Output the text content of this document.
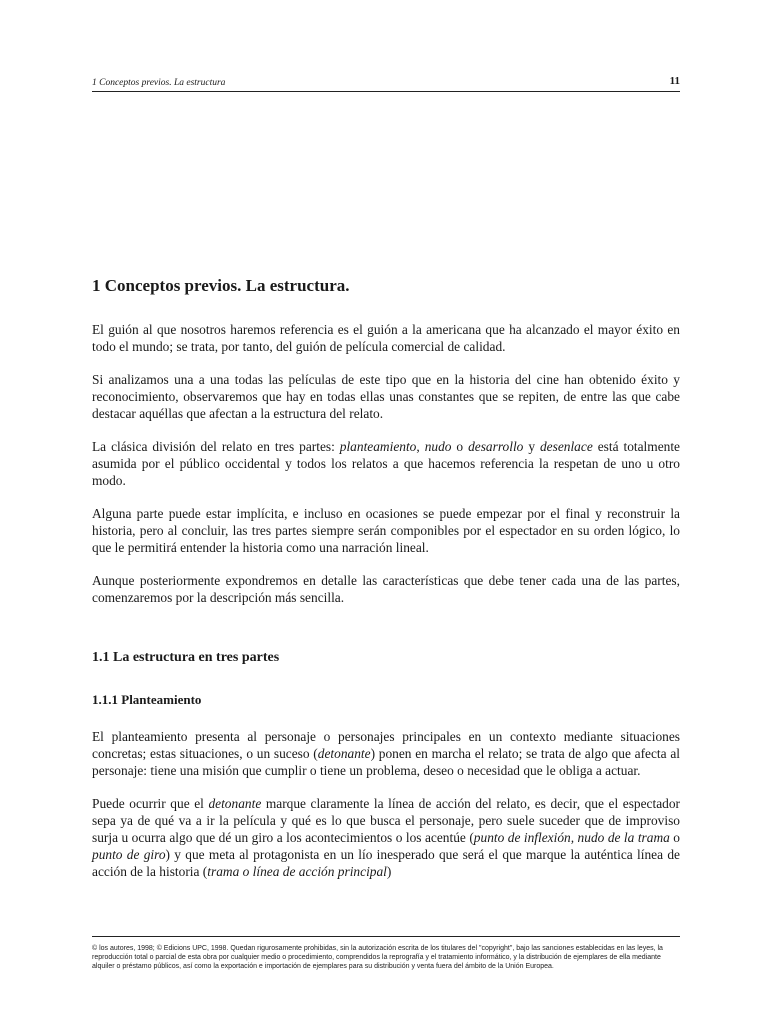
1 Conceptos previos. La estructura	11
1 Conceptos previos. La estructura.

El guión al que nosotros haremos referencia es el guión a la americana que ha alcanzado el mayor éxito en todo el mundo; se trata, por tanto, del guión de película comercial de calidad.

Si analizamos una a una todas las películas de este tipo que en la historia del cine han obtenido éxito y reconocimiento, observaremos que hay en todas ellas unas constantes que se repiten, de entre las que cabe destacar aquéllas que afectan a la estructura del relato.

La clásica división del relato en tres partes: planteamiento, nudo o desarrollo y desenlace está totalmente asumida por el público occidental y todos los relatos a que hacemos referencia la respetan de uno u otro modo.

Alguna parte puede estar implícita, e incluso en ocasiones se puede empezar por el final y reconstruir la historia, pero al concluir, las tres partes siempre serán componibles por el espectador en su orden lógico, lo que le permitirá entender la historia como una narración lineal.

Aunque posteriormente expondremos en detalle las características que debe tener cada una de las partes, comenzaremos por la descripción más sencilla.

1.1 La estructura en tres partes
1.1.1 Planteamiento

El planteamiento presenta al personaje o personajes principales en un contexto mediante situaciones concretas; estas situaciones, o un suceso (detonante) ponen en marcha el relato; se trata de algo que afecta al personaje: tiene una misión que cumplir o tiene un problema, deseo o necesidad que le obliga a actuar.

Puede ocurrir que el detonante marque claramente la línea de acción del relato, es decir, que el espectador sepa ya de qué va a ir la película y qué es lo que busca el personaje, pero suele suceder que de improviso surja u ocurra algo que dé un giro a los acontecimientos o los acentúe (punto de inflexión, nudo de la trama o punto de giro) y que meta al protagonista en un lío inesperado que será el que marque la auténtica línea de acción de la historia (trama o línea de acción principal)

© los autores, 1998; © Edicions UPC, 1998. Quedan rigurosamente prohibidas, sin la autorización escrita de los titulares del "copyright", bajo las sanciones establecidas en las leyes, la reproducción total o parcial de esta obra por cualquier medio o procedimiento, comprendidos la reprografía y el tratamiento informático, y la distribución de ejemplares de ella mediante alquiler o préstamo públicos, así como la exportación e importación de ejemplares para su distribución y venta fuera del ámbito de la Unión Europea.
